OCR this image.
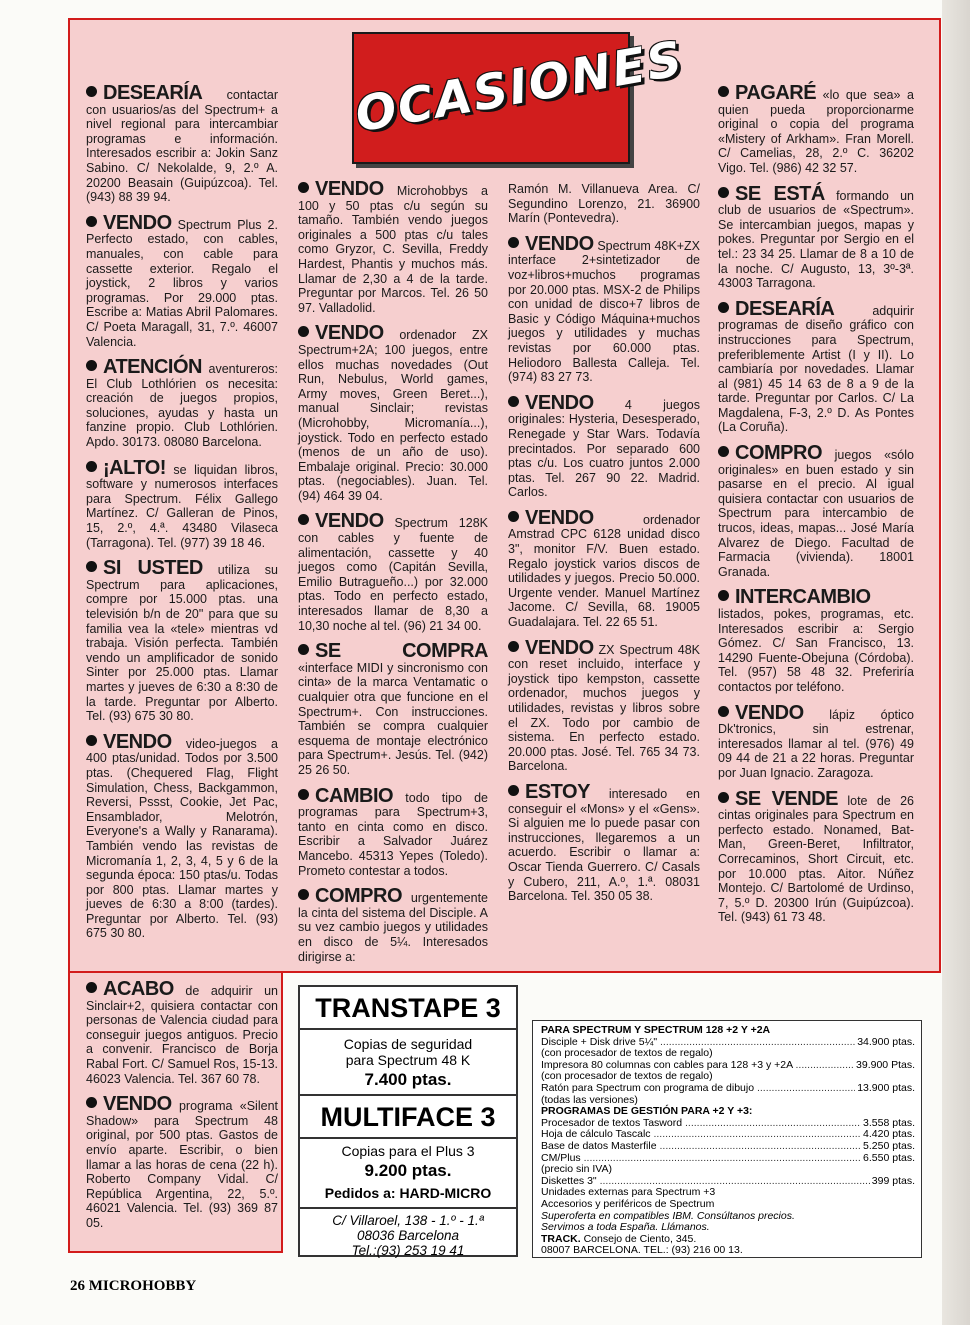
OCASIONES
DESEARÍA contactar con usuarios/as del Spectrum+ a nivel regional para intercambiar programas e información. Interesados escribir a: Jokin Sanz Sabino. C/ Nekolalde, 9, 2.º A. 20200 Beasain (Guipúzcoa). Tel. (943) 88 39 94.
VENDO Spectrum Plus 2. Perfecto estado, con cables, manuales, con cable para cassette exterior. Regalo el joystick, 2 libros y varios programas. Por 29.000 ptas. Escribe a: Matias Abril Palomares. C/ Poeta Maragall, 31, 7.º. 46007 Valencia.
ATENCIÓN aventureros: El Club Lothlórien os necesita: creación de juegos propios, soluciones, ayudas y hasta un fanzine propio. Club Lothlórien. Apdo. 30173. 08080 Barcelona.
¡ALTO! se liquidan libros, software y numerosos interfaces para Spectrum. Félix Gallego Martínez. C/ Galleran de Pinos, 15, 2.º, 4.ª. 43480 Vilaseca (Tarragona). Tel. (977) 39 18 46.
SI USTED utiliza su Spectrum para aplicaciones, compre por 15.000 ptas. una televisión b/n de 20" para que su familia vea la «tele» mientras vd trabaja. Visión perfecta. También vendo un amplificador de sonido Sinter por 25.000 ptas. Llamar martes y jueves de 6:30 a 8:30 de la tarde. Preguntar por Alberto. Tel. (93) 675 30 80.
VENDO video-juegos a 400 ptas/unidad. Todos por 3.500 ptas. (Chequered Flag, Flight Simulation, Chess, Backgammon, Reversi, Pssst, Cookie, Jet Pac, Ensamblador, Melotrón, Everyone's a Wally y Ranarama). También vendo las revistas de Micromanía 1, 2, 3, 4, 5 y 6 de la segunda época: 150 ptas/u. Todas por 800 ptas. Llamar martes y jueves de 6:30 a 8:00 (tardes). Preguntar por Alberto. Tel. (93) 675 30 80.
VENDO Microhobbys a 100 y 50 ptas c/u según su tamaño. También vendo juegos originales a 500 ptas c/u tales como Gryzor, C. Sevilla, Freddy Hardest, Phantis y muchos más. Llamar de 2,30 a 4 de la tarde. Preguntar por Marcos. Tel. 26 50 97. Valladolid.
VENDO ordenador ZX Spectrum+2A; 100 juegos, entre ellos muchas novedades (Out Run, Nebulus, World games, Army moves, Green Beret...), manual Sinclair; revistas (Microhobby, Micromanía...), joystick. Todo en perfecto estado (menos de un año de uso). Embalaje original. Precio: 30.000 ptas. (negociables). Juan. Tel. (94) 464 39 04.
VENDO Spectrum 128K con cables y fuente de alimentación, cassette y 40 juegos como (Capitán Sevilla, Emilio Butragueño...) por 32.000 ptas. Todo en perfecto estado, interesados llamar de 8,30 a 10,30 noche al tel. (96) 21 34 00.
SE COMPRA «interface MIDI y sincronismo con cinta» de la marca Ventamatic o cualquier otra que funcione en el Spectrum+. Con instrucciones. También se compra cualquier esquema de montaje electrónico para Spectrum+. Jesús. Tel. (942) 25 26 50.
CAMBIO todo tipo de programas para Spectrum+3, tanto en cinta como en disco. Escribir a Salvador Juárez Mancebo. 45313 Yepes (Toledo). Prometo contestar a todos.
COMPRO urgentemente la cinta del sistema del Disciple. A su vez cambio juegos y utilidades en disco de 5¼. Interesados dirigirse a:
Ramón M. Villanueva Area. C/ Segundino Lorenzo, 21. 36900 Marín (Pontevedra).
VENDO Spectrum 48K+ZX interface 2+sintetizador de voz+libros+muchos programas por 20.000 ptas. MSX-2 de Philips con unidad de disco+7 libros de Basic y Código Máquina+muchos juegos y utilidades y muchas revistas por 60.000 ptas. Heliodoro Ballesta Calleja. Tel. (974) 83 27 73.
VENDO	4 juegos originales: Hysteria, Desesperado, Renegade y Star Wars. Todavía precintados. Por separado 600 ptas c/u. Los cuatro juntos 2.000 ptas. Tel. 267 90 22. Madrid. Carlos.
VENDO	ordenador Amstrad CPC 6128 unidad disco 3", monitor F/V. Buen estado. Regalo joystick varios discos de utilidades y juegos. Precio 50.000. Urgente vender. Manuel Martínez Jacome. C/ Sevilla, 68. 19005 Guadalajara. Tel. 22 65 51.
VENDO ZX Spectrum 48K con reset incluido, interface y joystick tipo kempston, cassette ordenador, muchos juegos y utilidades, revistas y libros sobre el ZX. Todo por cambio de sistema. En perfecto estado. 20.000 ptas. José. Tel. 765 34 73. Barcelona.
ESTOY interesado en conseguir el «Mons» y el «Gens». Si alguien me lo puede pasar con instrucciones, llegaremos a un acuerdo. Escribir o llamar a: Oscar Tienda Guerrero. C/ Casals y Cubero, 211, A.º, 1.ª. 08031 Barcelona. Tel. 350 05 38.
PAGARÉ «lo que sea» a quien pueda proporcionarme original o copia del programa «Mistery of Arkham». Fran Morell. C/ Camelias, 28, 2.º C. 36202 Vigo. Tel. (986) 42 32 57.
SE ESTÁ formando un club de usuarios de «Spectrum». Se intercambian juegos, mapas y pokes. Preguntar por Sergio en el tel.: 23 34 25. Llamar de 8 a 10 de la noche. C/ Augusto, 13, 3º-3ª. 43003 Tarragona.
DESEARÍA	adquirir programas de diseño gráfico con instrucciones para Spectrum, preferiblemente Artist (I y II). Lo cambiaría por novedades. Llamar al (981) 45 14 63 de 8 a 9 de la tarde. Preguntar por Carlos. C/ La Magdalena, F-3, 2.º D. As Pontes (La Coruña).
COMPRO juegos «sólo originales» en buen estado y sin pasarse en el precio. Al igual quisiera contactar con usuarios de Spectrum para intercambio de trucos, ideas, mapas... José María Alvarez de Diego. Facultad de Farmacia (vivienda). 18001 Granada.
INTERCAMBIO listados, pokes, programas, etc. Interesados escribir a: Sergio Gómez. C/ San Francisco, 13. 14290 Fuente-Obejuna (Córdoba). Tel. (957) 58 48 32. Preferiría contactos por teléfono.
VENDO lápiz óptico Dk'tronics, sin estrenar, interesados llamar al tel. (976) 49 09 44 de 21 a 22 horas. Preguntar por Juan Ignacio. Zaragoza.
SE VENDE lote de 26 cintas originales para Spectrum en perfecto estado. Nonamed, Bat-Man, Green-Beret, Infiltrator, Correcaminos, Short Circuit, etc. por 10.000 ptas. Aitor. Núñez Montejo. C/ Bartolomé de Urdinso, 7, 5.º D. 20300 Irún (Guipúzcoa). Tel. (943) 61 73 48.
ACABO de adquirir un Sinclair+2, quisiera contactar con personas de Valencia ciudad para conseguir juegos antiguos. Precio a convenir. Francisco de Borja Rabal Fort. C/ Samuel Ros, 15-13. 46023 Valencia. Tel. 367 60 78.
VENDO programa «Silent Shadow» para Spectrum 48 original, por 500 ptas. Gastos de envío aparte. Escribir, o bien llamar a las horas de cena (22 h). Roberto Company Vidal. C/ República Argentina, 22, 5.º. 46021 Valencia. Tel. (93) 369 87 05.
TRANSTAPE 3
Copias de seguridad
para Spectrum 48 K
7.400 ptas.
MULTIFACE 3
Copias para el Plus 3
9.200 ptas.
Pedidos a: HARD-MICRO
C/ Villaroel, 138 - 1.º - 1.ª
08036 Barcelona
Tel.:(93) 253 19 41
PARA SPECTRUM Y SPECTRUM 128 +2 Y +2A
Disciple + Disk drive 5¼" .....	34.900 ptas.
(con procesador de textos de regalo)
Impresora 80 columnas con cables para 128 +3 y +2A .....	39.900 Ptas.
(con procesador de textos de regalo)
Ratón para Spectrum con programa de dibujo .....	13.900 ptas.
(todas las versiones)
PROGRAMAS DE GESTIÓN PARA +2 Y +3:
Procesador de textos Tasword .....	3.558 ptas.
Hoja de cálculo Tascalc .....	4.420 ptas.
Base de datos Masterfile .....	5.250 ptas.
CM/Plus .....	6.550 ptas.
(precio sin IVA)
Diskettes 3" .....	399 ptas.
Unidades externas para Spectrum +3
Accesorios y periféricos de Spectrum
Superoferta en compatibles IBM. Consúltanos precios.
Servimos a toda España. Llámanos.
TRACK. Consejo de Ciento, 345.
08007 BARCELONA. TEL.: (93) 216 00 13.
26 MICROHOBBY
